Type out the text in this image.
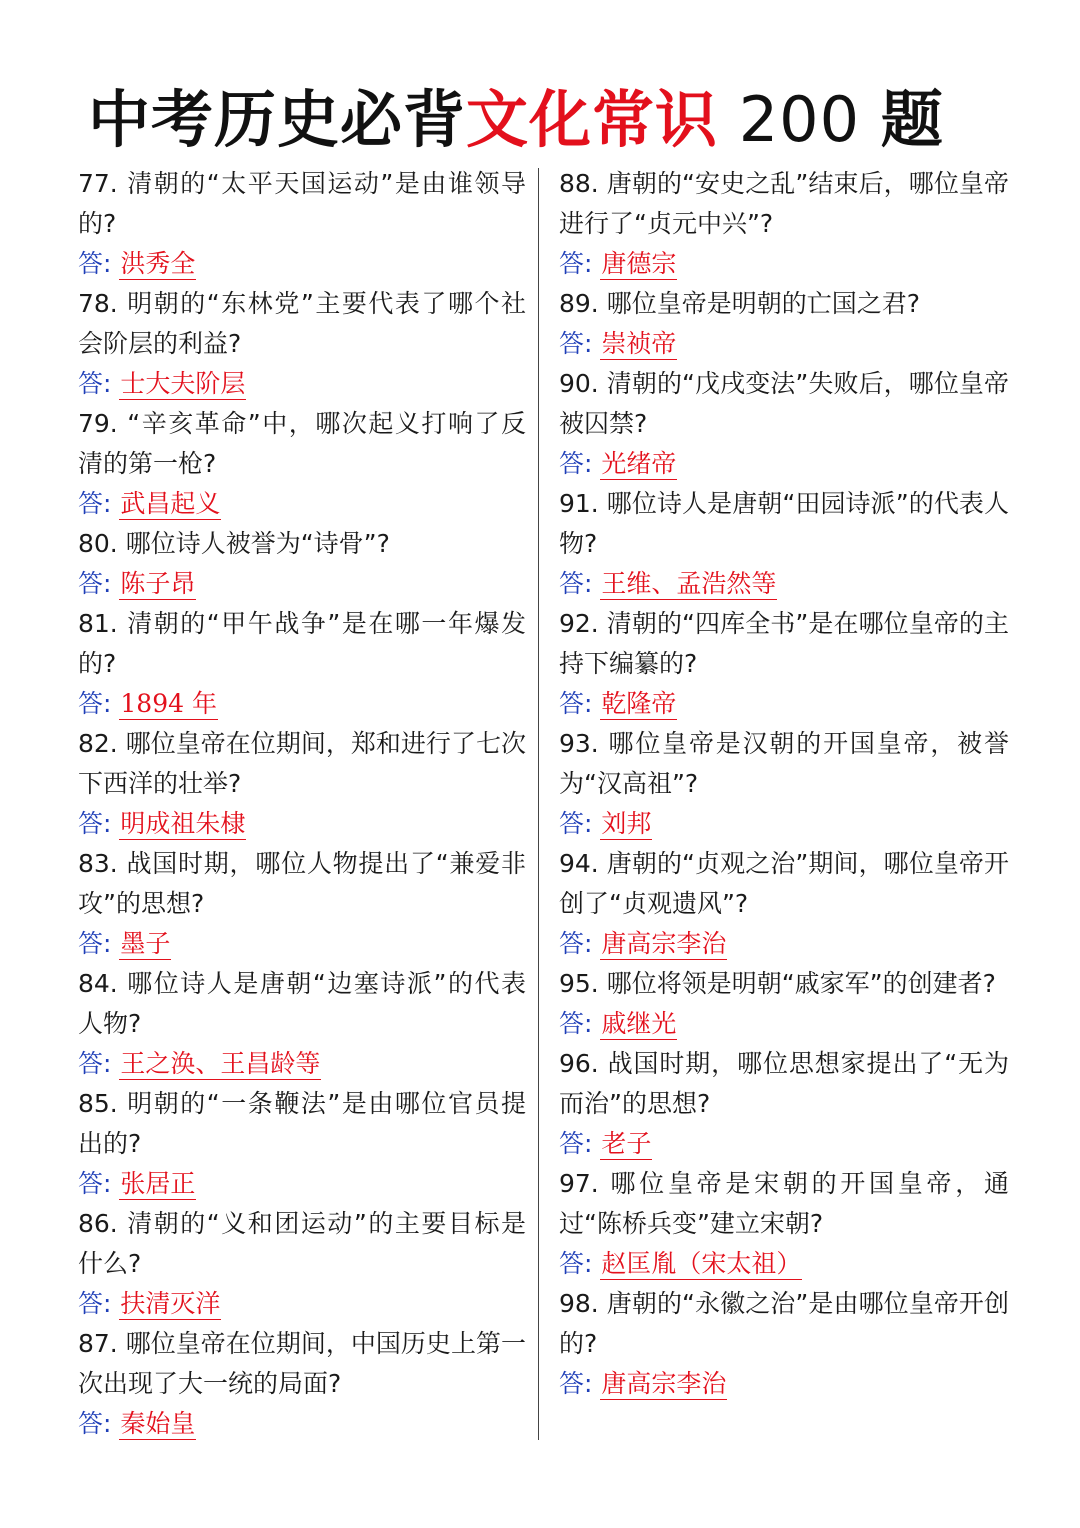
中考历史必背文化常识 200 题

77. 清朝的“太平天国运动”是由谁领导的?

答: 洪秀全

78. 明朝的“东林党”主要代表了哪个社会阶层的利益?

答: 士大夫阶层

79. “辛亥革命”中，哪次起义打响了反清的第一枪?

答: 武昌起义

80. 哪位诗人被誉为“诗骨”?

答: 陈子昂

81. 清朝的“甲午战争”是在哪一年爆发的?

答: 1894 年

82. 哪位皇帝在位期间，郑和进行了七次下西洋的壮举?

答: 明成祖朱棣

83. 战国时期，哪位人物提出了“兼爱非攻”的思想?

答: 墨子

84. 哪位诗人是唐朝“边塞诗派”的代表人物?

答: 王之涣、王昌龄等

85. 明朝的“一条鞭法”是由哪位官员提出的?

答: 张居正

86. 清朝的“义和团运动”的主要目标是什么?

答: 扶清灭洋

87. 哪位皇帝在位期间，中国历史上第一次出现了大一统的局面?

答: 秦始皇

88. 唐朝的“安史之乱”结束后，哪位皇帝进行了“贞元中兴”?

答: 唐德宗

89. 哪位皇帝是明朝的亡国之君?

答: 崇祯帝

90. 清朝的“戊戌变法”失败后，哪位皇帝被囚禁?

答: 光绪帝

91. 哪位诗人是唐朝“田园诗派”的代表人物?

答: 王维、孟浩然等

92. 清朝的“四库全书”是在哪位皇帝的主持下编纂的?

答: 乾隆帝

93. 哪位皇帝是汉朝的开国皇帝，被誉为“汉高祖”?

答: 刘邦

94. 唐朝的“贞观之治”期间，哪位皇帝开创了“贞观遗风”?

答: 唐高宗李治

95. 哪位将领是明朝“戚家军”的创建者?

答: 戚继光

96. 战国时期，哪位思想家提出了“无为而治”的思想?

答: 老子

97. 哪位皇帝是宋朝的开国皇帝，通过“陈桥兵变”建立宋朝?

答: 赵匡胤（宋太祖）

98. 唐朝的“永徽之治”是由哪位皇帝开创的?

答: 唐高宗李治
